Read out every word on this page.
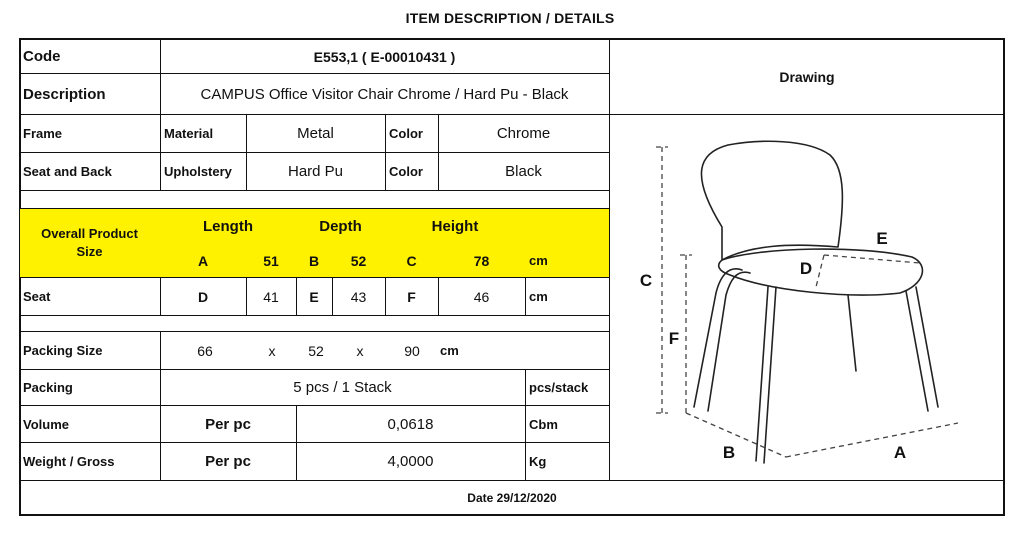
ITEM DESCRIPTION / DETAILS
Code	E553,1 ( E-00010431 )
Description	CAMPUS Office Visitor Chair Chrome / Hard Pu - Black
Drawing
Frame	Material	Metal	Color	Chrome
Seat and Back	Upholstery	Hard Pu	Color	Black
Overall Product
Size
Length	Depth	Height
A	51	B	52	C	78	cm
Seat	D	41	E	43	F	46	cm
Packing Size	66	x	52	x	90	cm
Packing	5 pcs / 1 Stack	pcs/stack
Volume	Per pc	0,0618	Cbm
Weight / Gross	Per pc	4,0000	Kg
Date 29/12/2020
C
F
D
E
B	A
